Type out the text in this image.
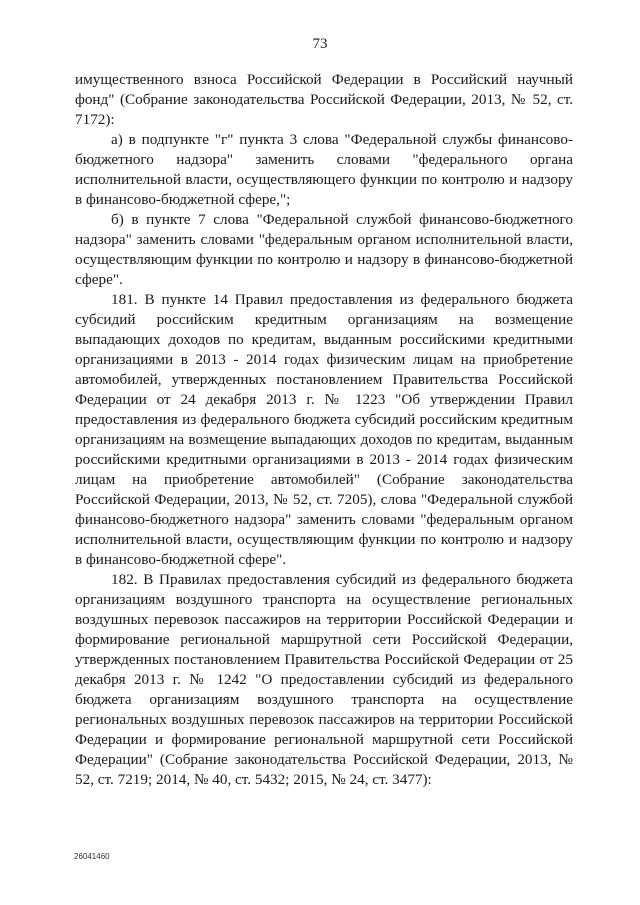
73

имущественного взноса Российской Федерации в Российский научный фонд" (Собрание законодательства Российской Федерации, 2013, № 52, ст. 7172):

а) в подпункте "г" пункта 3 слова "Федеральной службы финансово-бюджетного надзора" заменить словами "федерального органа исполнительной власти, осуществляющего функции по контролю и надзору в финансово-бюджетной сфере,";

б) в пункте 7 слова "Федеральной службой финансово-бюджетного надзора" заменить словами "федеральным органом исполнительной власти, осуществляющим функции по контролю и надзору в финансово-бюджетной сфере".

181. В пункте 14 Правил предоставления из федерального бюджета субсидий российским кредитным организациям на возмещение выпадающих доходов по кредитам, выданным российскими кредитными организациями в 2013 - 2014 годах физическим лицам на приобретение автомобилей, утвержденных постановлением Правительства Российской Федерации от 24 декабря 2013 г. № 1223 "Об утверждении Правил предоставления из федерального бюджета субсидий российским кредитным организациям на возмещение выпадающих доходов по кредитам, выданным российскими кредитными организациями в 2013 - 2014 годах физическим лицам на приобретение автомобилей" (Собрание законодательства Российской Федерации, 2013, № 52, ст. 7205), слова "Федеральной службой финансово-бюджетного надзора" заменить словами "федеральным органом исполнительной власти, осуществляющим функции по контролю и надзору в финансово-бюджетной сфере".

182. В Правилах предоставления субсидий из федерального бюджета организациям воздушного транспорта на осуществление региональных воздушных перевозок пассажиров на территории Российской Федерации и формирование региональной маршрутной сети Российской Федерации, утвержденных постановлением Правительства Российской Федерации от 25 декабря 2013 г. № 1242 "О предоставлении субсидий из федерального бюджета организациям воздушного транспорта на осуществление региональных воздушных перевозок пассажиров на территории Российской Федерации и формирование региональной маршрутной сети Российской Федерации" (Собрание законодательства Российской Федерации, 2013, № 52, ст. 7219; 2014, № 40, ст. 5432; 2015, № 24, ст. 3477):

26041460
